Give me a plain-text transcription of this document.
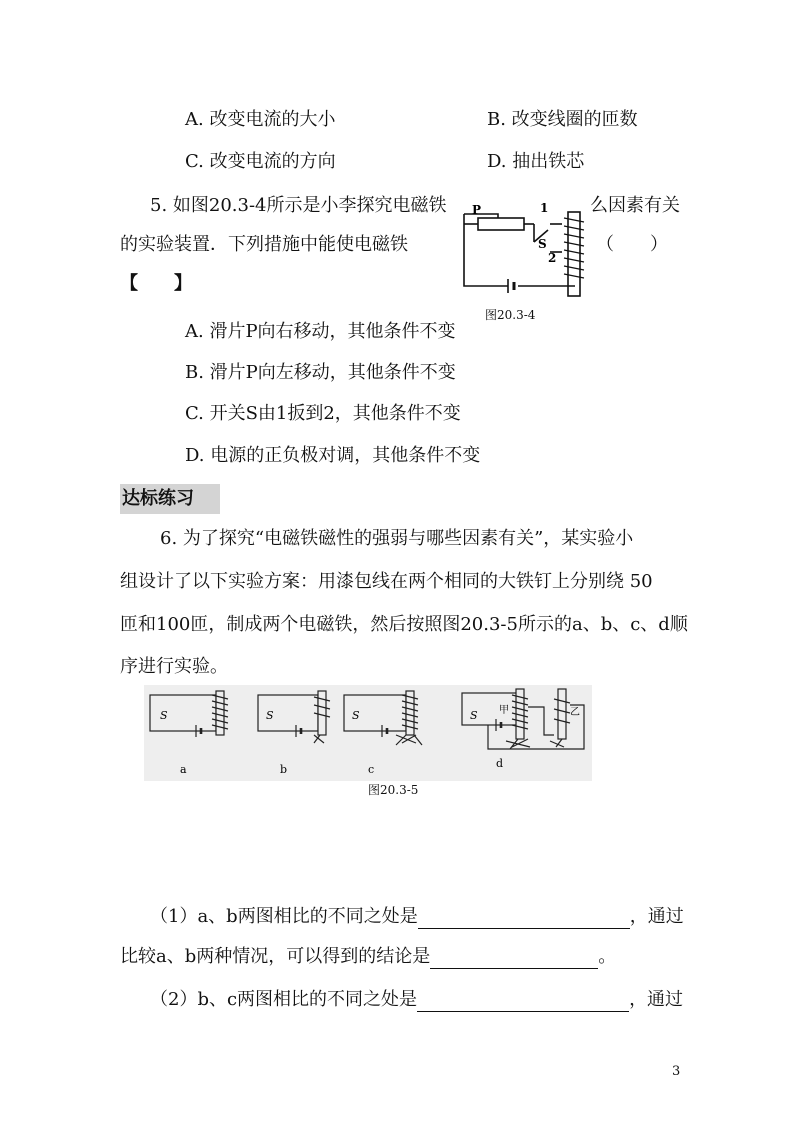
A. 改变电流的大小	B. 改变线圈的匝数
C. 改变电流的方向	D. 抽出铁芯
5. 如图20.3-4所示是小李探究电磁铁	么因素有关
的实验装置．下列措施中能使电磁铁	（　　）
【　　】
P	1
S
2
图20.3-4
A. 滑片P向右移动，其他条件不变
B. 滑片P向左移动，其他条件不变
C. 开关S由1扳到2，其他条件不变
D. 电源的正负极对调，其他条件不变
达标练习
6. 为了探究“电磁铁磁性的强弱与哪些因素有关”，某实验小
组设计了以下实验方案：用漆包线在两个相同的大铁钉上分别绕 50
匝和100匝，制成两个电磁铁，然后按照图20.3-5所示的a、b、c、d顺
序进行实验。
S	S	S	S 甲	乙
a	b	c	d
图20.3-5
（1）a、b两图相比的不同之处是	，通过
比较a、b两种情况，可以得到的结论是	。
（2）b、c两图相比的不同之处是	，通过
3
